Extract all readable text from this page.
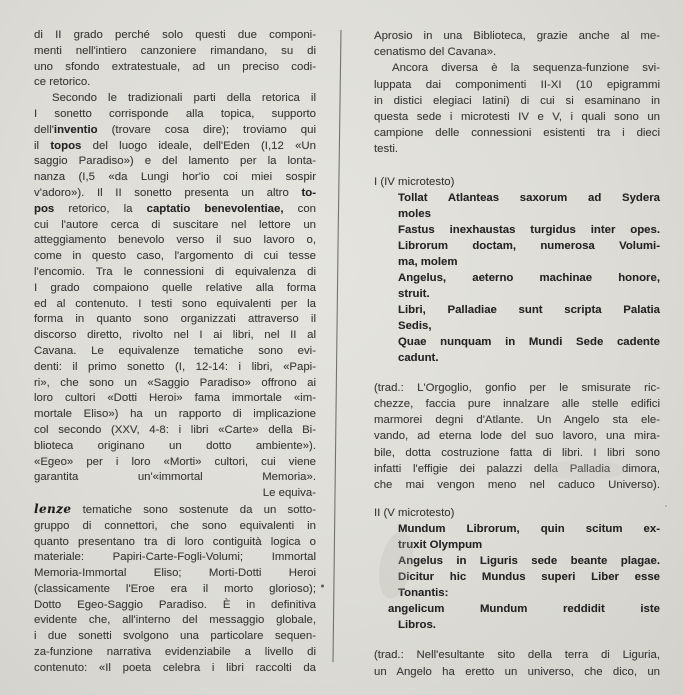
di II grado perché solo questi due componi-
menti nell'intiero canzoniere rimandano, su di
uno sfondo extratestuale, ad un preciso codi-
ce retorico.
Secondo le tradizionali parti della retorica il
I sonetto corrisponde alla topica, supporto
dell'inventio (trovare cosa dire); troviamo qui
il topos del luogo ideale, dell'Eden (I,12 «Un
saggio Paradiso») e del lamento per la lonta-
nanza (I,5 «da Lungi hor'io coi miei sospir
v'adoro»). Il II sonetto presenta un altro to-
pos retorico, la captatio benevolentiae, con
cui l'autore cerca di suscitare nel lettore un
atteggiamento benevolo verso il suo lavoro o,
come in questo caso, l'argomento di cui tesse
l'encomio. Tra le connessioni di equivalenza di
I grado compaiono quelle relative alla forma
ed al contenuto. I testi sono equivalenti per la
forma in quanto sono organizzati attraverso il
discorso diretto, rivolto nel I ai libri, nel II al
Cavana. Le equivalenze tematiche sono evi-
denti: il primo sonetto (I, 12-14: i libri, «Papi-
ri», che sono un «Saggio Paradiso» offrono ai
loro cultori «Dotti Heroi» fama immortale «im-
mortale Eliso») ha un rapporto di implicazione
col secondo (XXV, 4-8: i libri «Carte» della Bi-
blioteca originano un dotto ambiente»).
«Egeo» per i loro «Morti» cultori, cui viene
garantita un'«immortal Memoria».
Le equiva-
lenze tematiche sono sostenute da un sotto-
gruppo di connettori, che sono equivalenti in
quanto presentano tra di loro contiguità logica o
materiale: Papiri-Carte-Fogli-Volumi; Immortal
Memoria-Immortal Eliso; Morti-Dotti Heroi
(classicamente l'Eroe era il morto glorioso);
Dotto Egeo-Saggio Paradiso. È in definitiva
evidente che, all'interno del messaggio globale,
i due sonetti svolgono una particolare sequen-
za-funzione narrativa evidenziabile a livello di
contenuto: «Il poeta celebra i libri raccolti da
Aprosio in una Biblioteca, grazie anche al me-
cenatismo del Cavana».
Ancora diversa è la sequenza-funzione svi-
luppata dai componimenti II-XI (10 epigrammi
in distici elegiaci latini) di cui si esaminano in
questa sede i microtesti IV e V, i quali sono un
campione delle connessioni esistenti tra i dieci
testi.
I (IV microtesto)
Tollat Atlanteas saxorum ad Sydera
moles
Fastus inexhaustas turgidus inter opes.
Librorum doctam, numerosa Volumi-
ma, molem
Angelus, aeterno machinae honore,
struit.
Libri, Palladiae sunt scripta Palatia
Sedis,
Quae nunquam in Mundi Sede cadente
cadunt.
(trad.: L'Orgoglio, gonfio per le smisurate ric-
chezze, faccia pure innalzare alle stelle edifici
marmorei degni d'Atlante. Un Angelo sta ele-
vando, ad eterna lode del suo lavoro, una mira-
bile, dotta costruzione fatta di libri. I libri sono
infatti l'effigie dei palazzi della Palladia dimora,
che mai vengon meno nel caduco Universo).
II (V microtesto)
Mundum Librorum, quin scitum ex-
truxit Olympum
Angelus in Liguris sede beante plagae.
Dicitur hic Mundus superi Liber esse
Tonantis:
angelicum Mundum reddidit iste
Libros.
(trad.: Nell'esultante sito della terra di Liguria,
un Angelo ha eretto un universo, che dico, un
